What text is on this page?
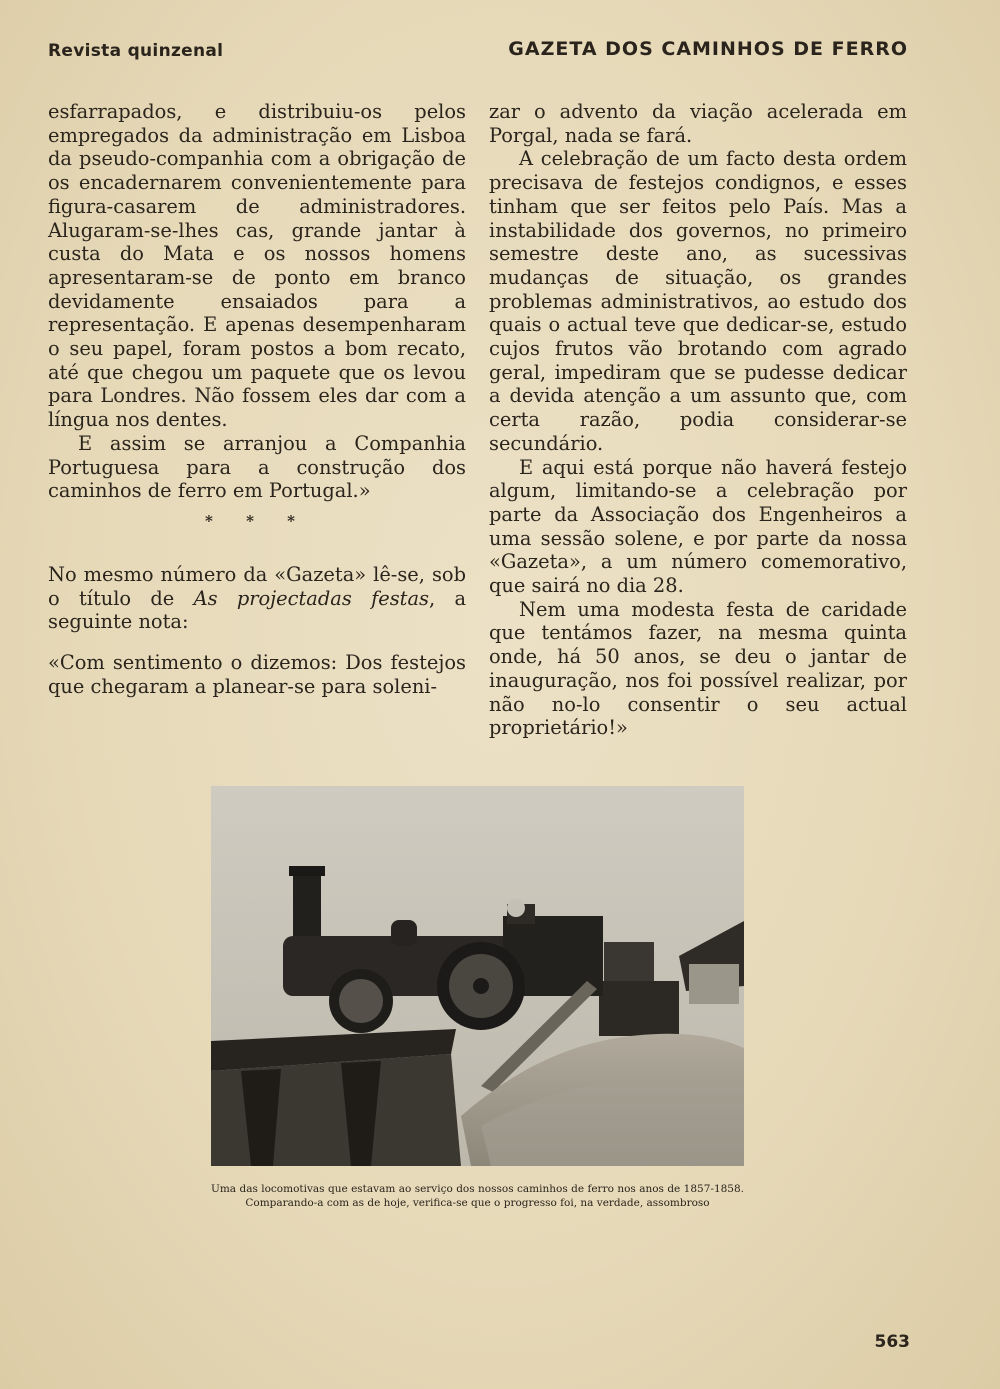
Revista quinzenal	GAZETA DOS CAMINHOS DE FERRO

esfarrapados, e distribuiu-os pelos empregados da administração em Lisboa da pseudo-companhia com a obrigação de os encadernarem convenientemente para figura-casarem de administradores. Alugaram-se-lhes cas, grande jantar à custa do Mata e os nossos homens apresentaram-se de ponto em branco devidamente ensaiados para a representação. E apenas desempenharam o seu papel, foram postos a bom recato, até que chegou um paquete que os levou para Londres. Não fossem eles dar com a língua nos dentes.

E assim se arranjou a Companhia Portuguesa para a construção dos caminhos de ferro em Portugal.»

* * *

No mesmo número da «Gazeta» lê-se, sob o título de As projectadas festas, a seguinte nota:

«Com sentimento o dizemos: Dos festejos que chegaram a planear-se para soleni-

zar o advento da viação acelerada em Porgal, nada se fará.

A celebração de um facto desta ordem precisava de festejos condignos, e esses tinham que ser feitos pelo País. Mas a instabilidade dos governos, no primeiro semestre deste ano, as sucessivas mudanças de situação, os grandes problemas administrativos, ao estudo dos quais o actual teve que dedicar-se, estudo cujos frutos vão brotando com agrado geral, impediram que se pudesse dedicar a devida atenção a um assunto que, com certa razão, podia considerar-se secundário.

E aqui está porque não haverá festejo algum, limitando-se a celebração por parte da Associação dos Engenheiros a uma sessão solene, e por parte da nossa «Gazeta», a um número comemorativo, que sairá no dia 28.

Nem uma modesta festa de caridade que tentámos fazer, na mesma quinta onde, há 50 anos, se deu o jantar de inauguração, nos foi possível realizar, por não no-lo consentir o seu actual proprietário!»

Uma das locomotivas que estavam ao serviço dos nossos caminhos de ferro nos anos de 1857-1858. Comparando-a com as de hoje, verifica-se que o progresso foi, na verdade, assombroso
563
